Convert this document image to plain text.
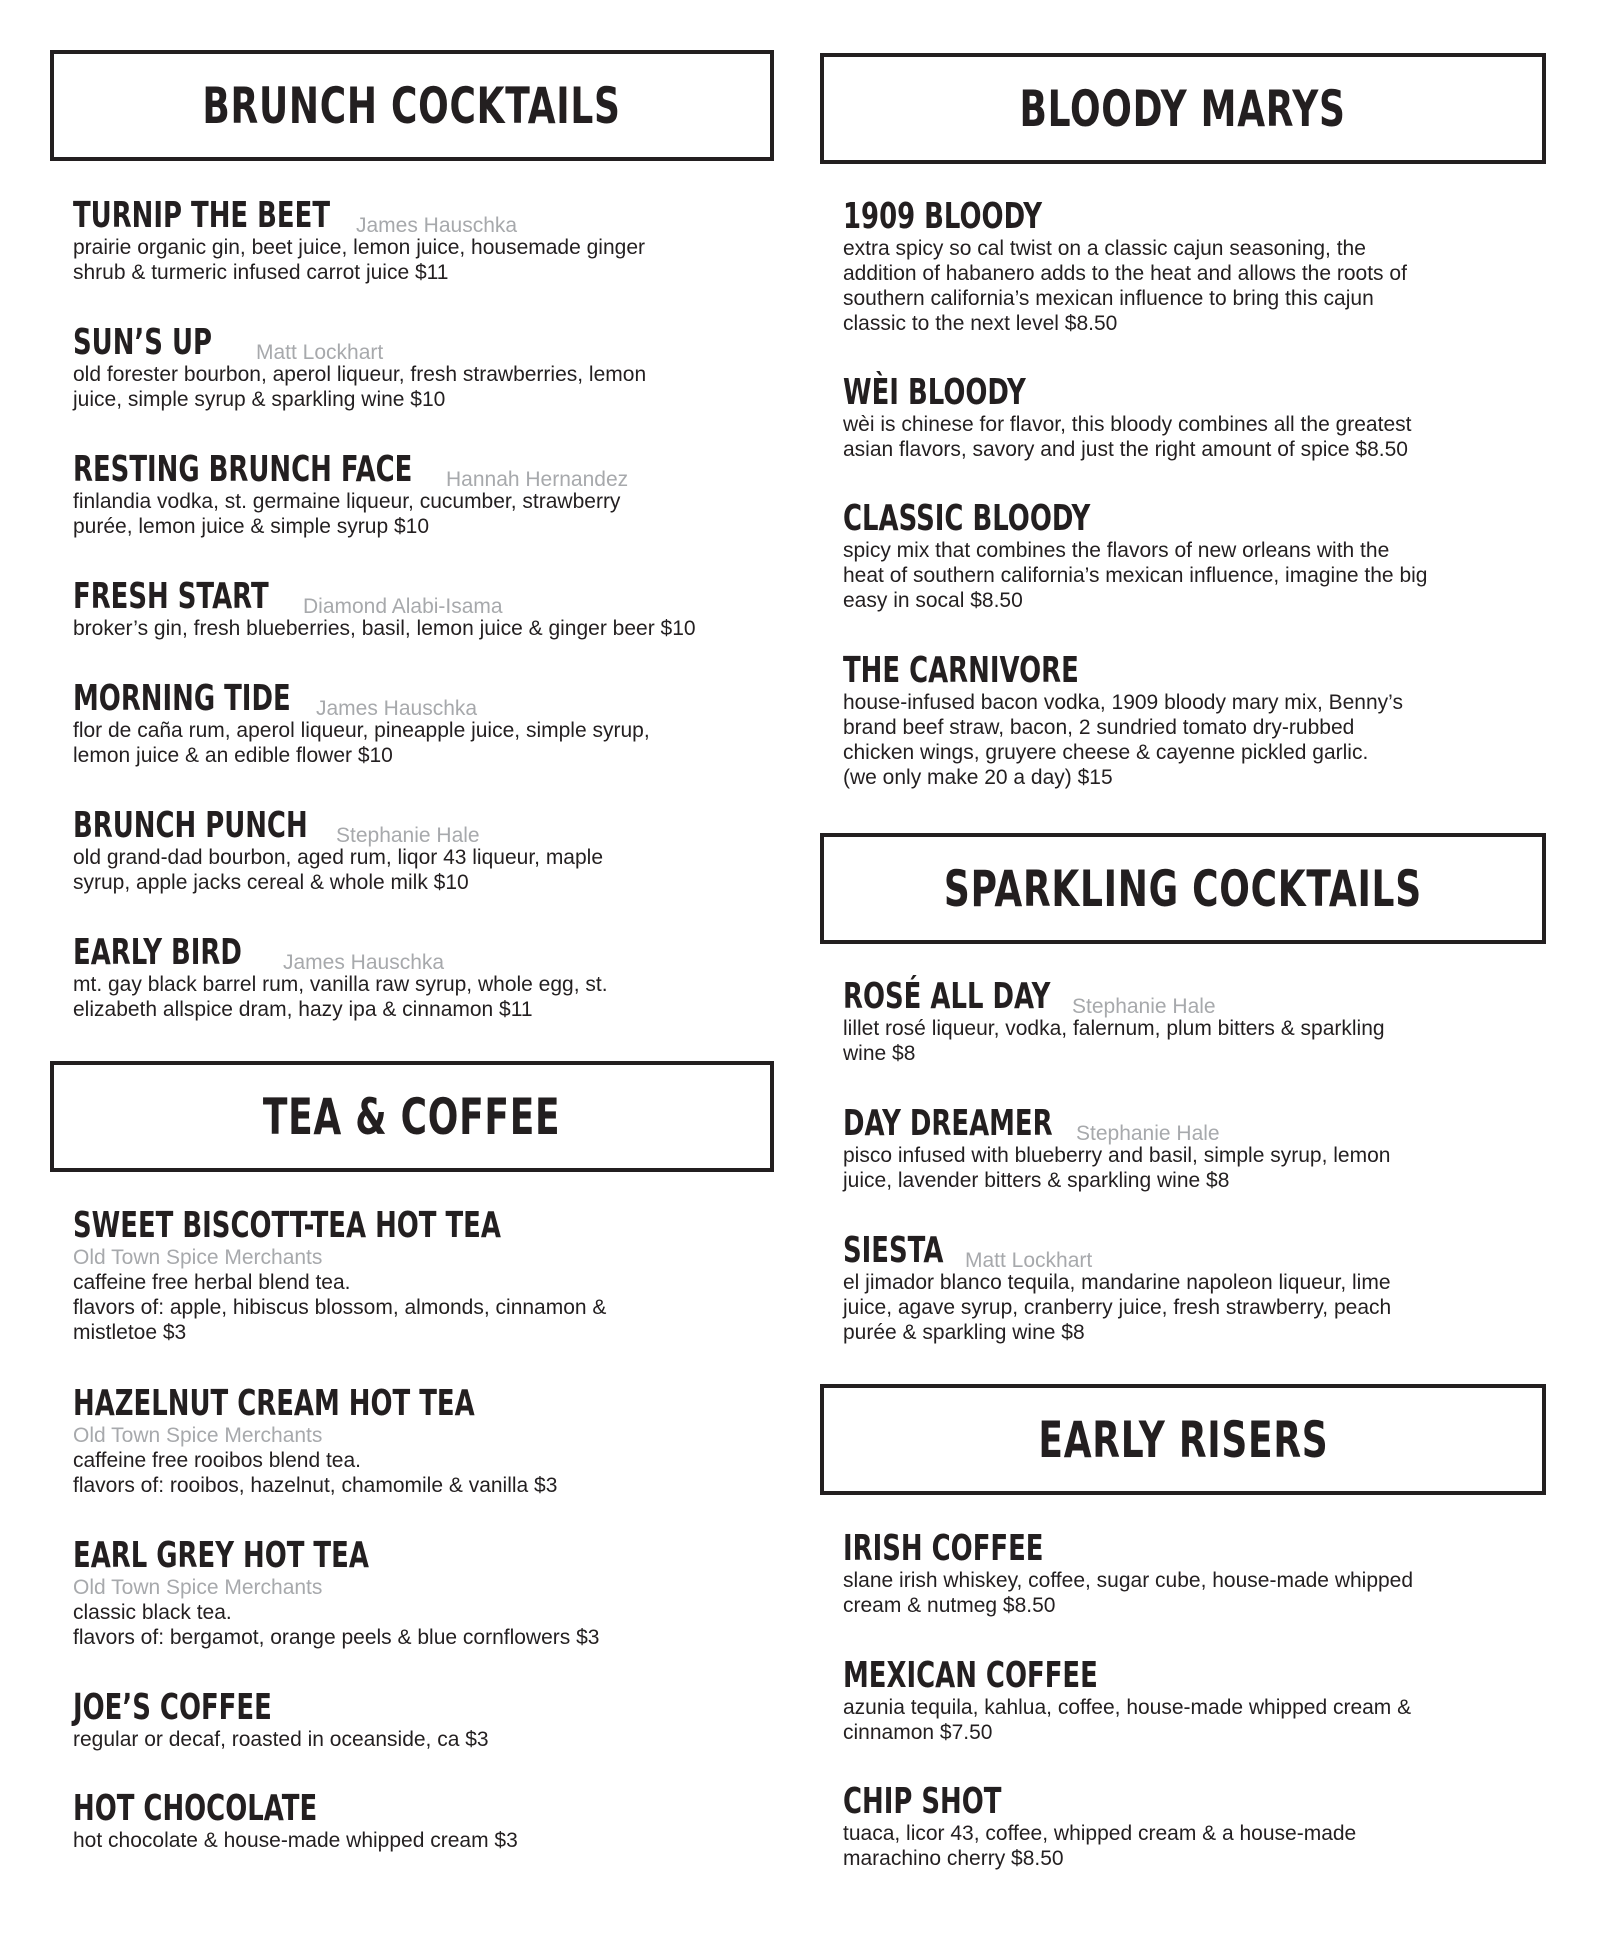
BRUNCH COCKTAILS
TURNIP THE BEET James Hauschka
prairie organic gin, beet juice, lemon juice, housemade ginger
shrub & turmeric infused carrot juice $11
SUN’S UP Matt Lockhart
old forester bourbon, aperol liqueur, fresh strawberries, lemon
juice, simple syrup & sparkling wine $10
RESTING BRUNCH FACE Hannah Hernandez
finlandia vodka, st. germaine liqueur, cucumber, strawberry
purée, lemon juice & simple syrup $10
FRESH START Diamond Alabi-Isama
broker’s gin, fresh blueberries, basil, lemon juice & ginger beer $10
MORNING TIDE James Hauschka
flor de caña rum, aperol liqueur, pineapple juice, simple syrup,
lemon juice & an edible flower $10
BRUNCH PUNCH Stephanie Hale
old grand-dad bourbon, aged rum, liqor 43 liqueur, maple
syrup, apple jacks cereal & whole milk $10
EARLY BIRD James Hauschka
mt. gay black barrel rum, vanilla raw syrup, whole egg, st.
elizabeth allspice dram, hazy ipa & cinnamon $11
TEA & COFFEE
SWEET BISCOTT-TEA HOT TEA
Old Town Spice Merchants
caffeine free herbal blend tea.
flavors of: apple, hibiscus blossom, almonds, cinnamon &
mistletoe $3
HAZELNUT CREAM HOT TEA
Old Town Spice Merchants
caffeine free rooibos blend tea.
flavors of: rooibos, hazelnut, chamomile & vanilla $3
EARL GREY HOT TEA
Old Town Spice Merchants
classic black tea.
flavors of: bergamot, orange peels & blue cornflowers $3
JOE’S COFFEE
regular or decaf, roasted in oceanside, ca $3
HOT CHOCOLATE
hot chocolate & house-made whipped cream $3
BLOODY MARYS
1909 BLOODY
extra spicy so cal twist on a classic cajun seasoning, the
addition of habanero adds to the heat and allows the roots of
southern california’s mexican influence to bring this cajun
classic to the next level $8.50
WÈI BLOODY
wèi is chinese for flavor, this bloody combines all the greatest
asian flavors, savory and just the right amount of spice $8.50
CLASSIC BLOODY
spicy mix that combines the flavors of new orleans with the
heat of southern california’s mexican influence, imagine the big
easy in socal $8.50
THE CARNIVORE
house-infused bacon vodka, 1909 bloody mary mix, Benny’s
brand beef straw, bacon, 2 sundried tomato dry-rubbed
chicken wings, gruyere cheese & cayenne pickled garlic.
(we only make 20 a day) $15
SPARKLING COCKTAILS
ROSÉ ALL DAY Stephanie Hale
lillet rosé liqueur, vodka, falernum, plum bitters & sparkling
wine $8
DAY DREAMER Stephanie Hale
pisco infused with blueberry and basil, simple syrup, lemon
juice, lavender bitters & sparkling wine $8
SIESTA Matt Lockhart
el jimador blanco tequila, mandarine napoleon liqueur, lime
juice, agave syrup, cranberry juice, fresh strawberry, peach
purée & sparkling wine $8
EARLY RISERS
IRISH COFFEE
slane irish whiskey, coffee, sugar cube, house-made whipped
cream & nutmeg $8.50
MEXICAN COFFEE
azunia tequila, kahlua, coffee, house-made whipped cream &
cinnamon $7.50
CHIP SHOT
tuaca, licor 43, coffee, whipped cream & a house-made
marachino cherry $8.50
